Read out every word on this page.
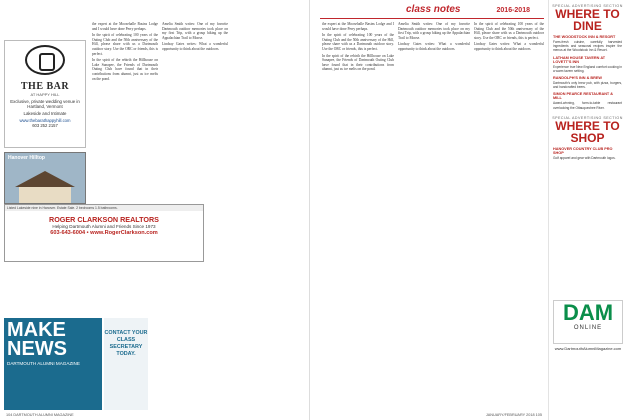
THE BAR
AT HAPPY HILL
Exclusive, private wedding venue in Hartland, Vermont
Lakeside and Intimate
www.thebarathappyhill.com
603 252 2157
Hanover Hilltop

the expert at the Moosehalle Basins Lodge and I would have done Perry perhaps.

In the spirit of celebrating 100 years of the Outing Club and the 50th anniversary of the Hill, please share with us a Dartmouth outdoor story. Use the ORC or friends, this is perfect.

In the spirit of the rebirth the Hillhouse on Lake Sunapee, the Friends of Dartmouth Outing Club have found that in their contributions from alumni, just as ice melts on the pond.

Amelia Smith writes: One of my favorite Dartmouth outdoor memories took place on my first Trip, with a group hiking up the Appalachian Trail to Moose.

Lindsay Gates writes: What a wonderful opportunity to think about the outdoors.

Listed Lakeside nine in Hanover. Estate Sale. 2 bedrooms 1.5 bathrooms.
ROGER CLARKSON REALTORS
Helping Dartmouth Alumni and Friends Since 1973
603-643-6004 • www.RogerClarkson.com
MAKE
NEWS
DARTMOUTH ALUMNI MAGAZINE
CONTACT YOUR CLASS SECRETARY TODAY.
104 DARTMOUTH ALUMNI MAGAZINE
class notes	2016-2018

the expert at the Moosehalle Basins Lodge and I would have done Perry perhaps.

In the spirit of celebrating 100 years of the Outing Club and the 50th anniversary of the Hill, please share with us a Dartmouth outdoor story. Use the ORC or friends, this is perfect.

In the spirit of the rebirth the Hillhouse on Lake Sunapee, the Friends of Dartmouth Outing Club have found that in their contributions from alumni, just as ice melts on the pond.

Amelia Smith writes: One of my favorite Dartmouth outdoor memories took place on my first Trip, with a group hiking up the Appalachian Trail to Moose.

Lindsay Gates writes: What a wonderful opportunity to think about the outdoors.

In the spirit of celebrating 100 years of the Outing Club and the 50th anniversary of the Hill, please share with us a Dartmouth outdoor story. Use the ORC or friends, this is perfect.

Lindsay Gates writes: What a wonderful opportunity to think about the outdoors.

SPECIAL ADVERTISING SECTION
WHERE TO
DINE
THE WOODSTOCK INN & RESORT
Farm-fresh cuisine, carefully harvested ingredients and seasonal recipes inspire the menus at the Woodstock Inn & Resort.
LATHAM HOUSE TAVERN AT LOVETT'S INN
Experience true New England comfort cooking in a warm tavern setting.
RANDOLPH'S INN & BREW
Dartmouth's only brew pub, with pizza, burgers, and handcrafted beers.
SIMON PEARCE RESTAURANT & MILL
Award-winning, farm-to-table restaurant overlooking the Ottauquechee River.
SPECIAL ADVERTISING SECTION
WHERE TO
SHOP
HANOVER COUNTRY CLUB PRO SHOP
Golf apparel and gear with Dartmouth logos.
DAM
ONLINE
www.DartmouthAlumniMagazine.com
JANUARY/FEBRUARY 2018 105
